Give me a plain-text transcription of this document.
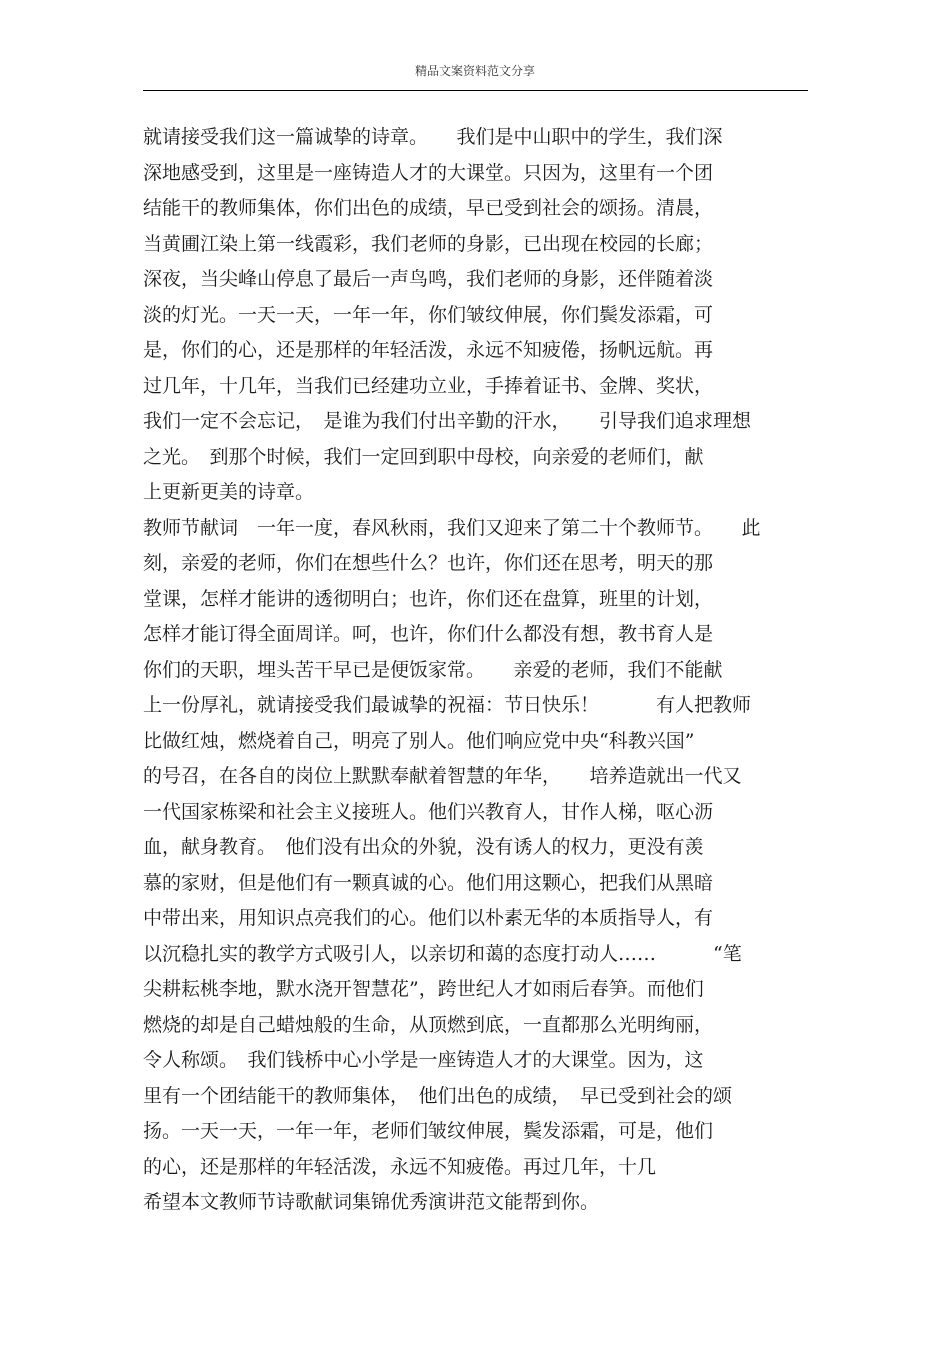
精品文案资料范文分享
就请接受我们这一篇诚挚的诗章。　　我们是中山职中的学生，我们深
深地感受到，这里是一座铸造人才的大课堂。只因为，这里有一个团
结能干的教师集体，你们出色的成绩，早已受到社会的颂扬。清晨，
当黄圃江染上第一线霞彩，我们老师的身影，已出现在校园的长廊；
深夜，当尖峰山停息了最后一声鸟鸣，我们老师的身影，还伴随着淡
淡的灯光。一天一天，一年一年，你们皱纹伸展，你们鬓发添霜，可
是，你们的心，还是那样的年轻活泼，永远不知疲倦，扬帆远航。再
过几年，十几年，当我们已经建功立业，手捧着证书、金牌、奖状，
我们一定不会忘记，　是谁为我们付出辛勤的汗水，　　引导我们追求理想
之光。　到那个时候，我们一定回到职中母校，向亲爱的老师们，献
上更新更美的诗章。
教师节献词　一年一度，春风秋雨，我们又迎来了第二十个教师节。　　此
刻，亲爱的老师，你们在想些什么？也许，你们还在思考，明天的那
堂课，怎样才能讲的透彻明白；也许，你们还在盘算，班里的计划，
怎样才能订得全面周详。呵，也许，你们什么都没有想，教书育人是
你们的天职，埋头苦干早已是便饭家常。　　亲爱的老师，我们不能献
上一份厚礼，就请接受我们最诚挚的祝福：节日快乐！　　　有人把教师
比做红烛，燃烧着自己，明亮了别人。他们响应党中央“科教兴国”
的号召，在各自的岗位上默默奉献着智慧的年华，　　培养造就出一代又
一代国家栋梁和社会主义接班人。他们兴教育人，甘作人梯，呕心沥
血，献身教育。　他们没有出众的外貌，没有诱人的权力，更没有羡
慕的家财，但是他们有一颗真诚的心。他们用这颗心，把我们从黑暗
中带出来，用知识点亮我们的心。他们以朴素无华的本质指导人，有
以沉稳扎实的教学方式吸引人，以亲切和蔼的态度打动人……　　　“笔
尖耕耘桃李地，默水浇开智慧花”，跨世纪人才如雨后春笋。而他们
燃烧的却是自己蜡烛般的生命，从顶燃到底，一直都那么光明绚丽，
令人称颂。　我们钱桥中心小学是一座铸造人才的大课堂。因为，这
里有一个团结能干的教师集体，　他们出色的成绩，　早已受到社会的颂
扬。一天一天，一年一年，老师们皱纹伸展，鬓发添霜，可是，他们
的心，还是那样的年轻活泼，永远不知疲倦。再过几年，十几
希望本文教师节诗歌献词集锦优秀演讲范文能帮到你。
